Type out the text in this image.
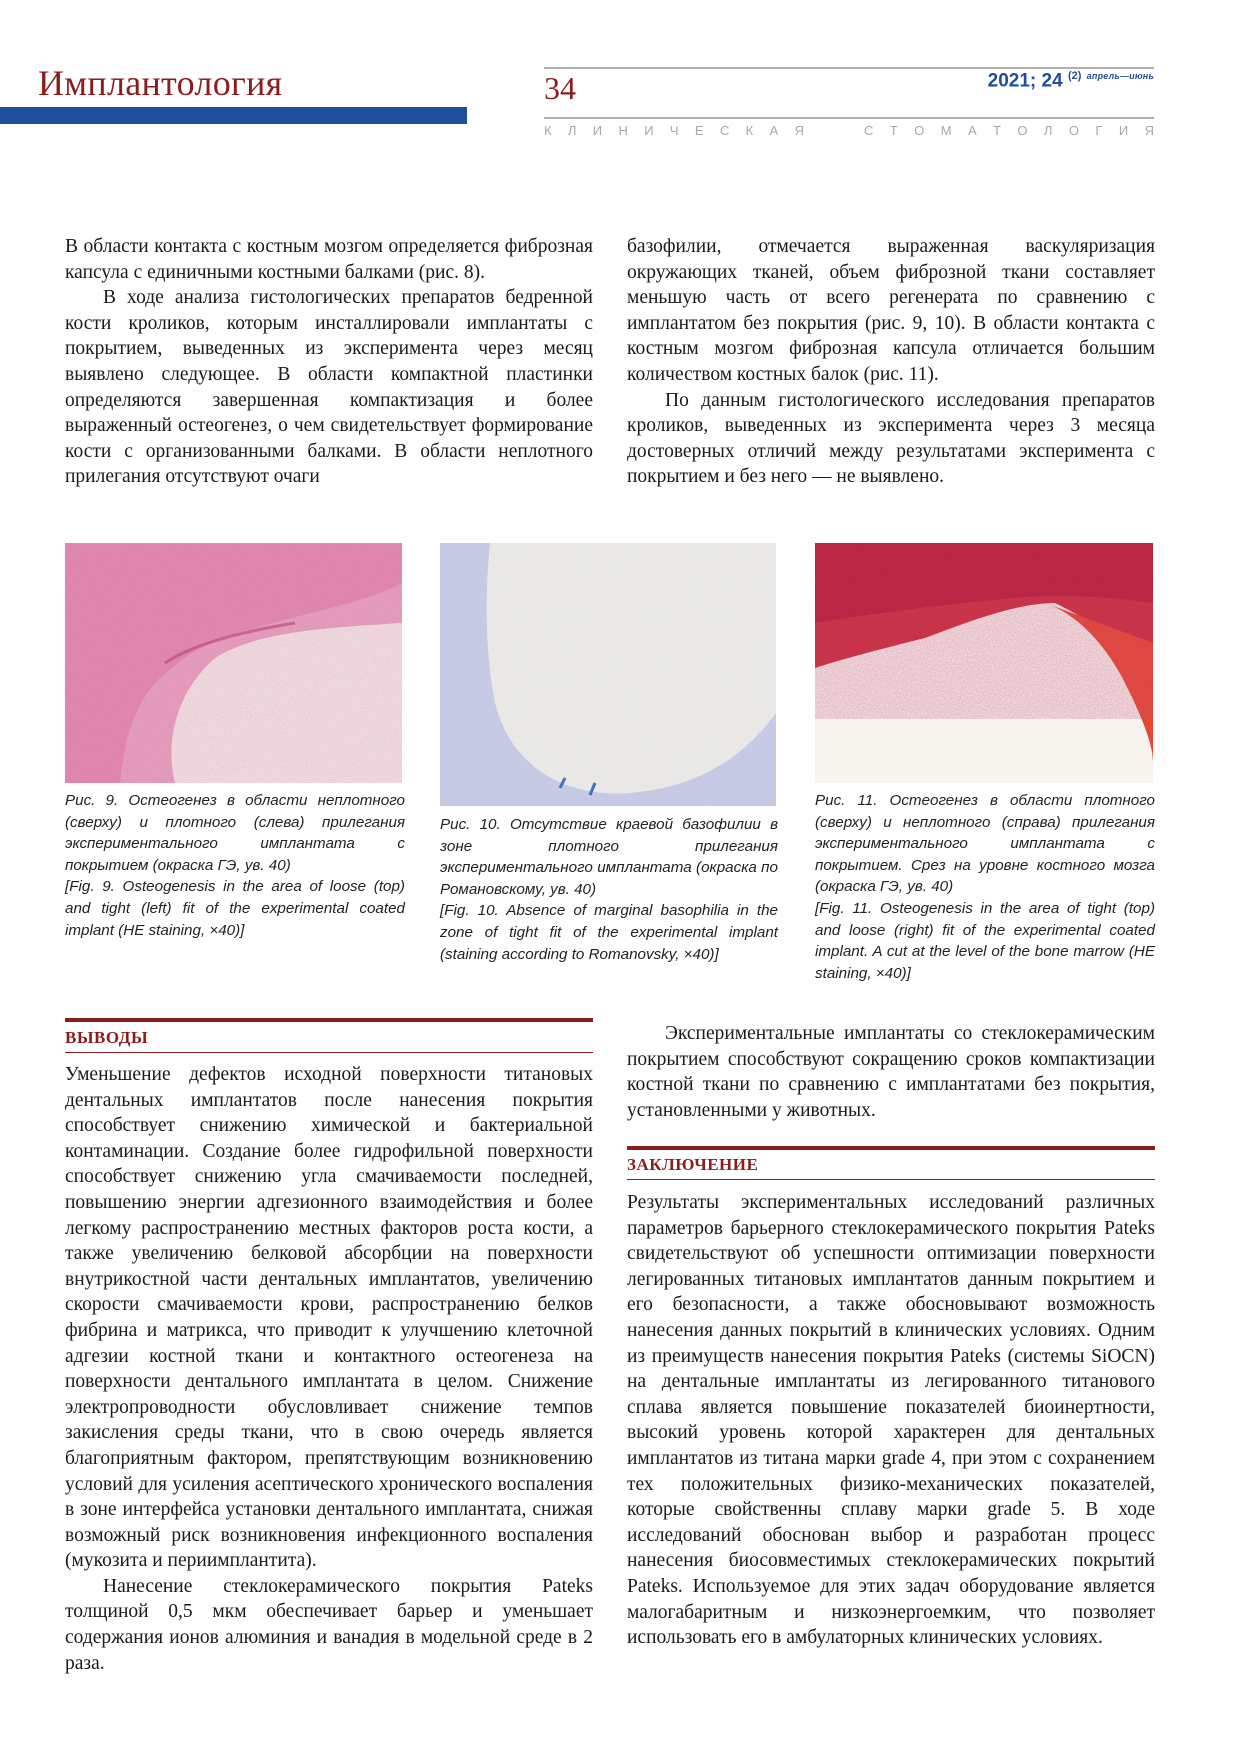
Имплантология	34	2021; 24 $^{(2)}$ $^{апрель—июнь}$
К Л И Н И Ч Е С К А Я	С Т О М А Т О Л О Г И Я

В области контакта с костным мозгом определяется фиброзная капсула с единичными костными балками (рис. 8).

В ходе анализа гистологических препаратов бедренной кости кроликов, которым инсталлировали имплантаты с покрытием, выведенных из эксперимента через месяц выявлено следующее. В области компактной пластинки определяются завершенная компактизация и более выраженный остеогенез, о чем свидетельствует формирование кости с организованными балками. В области неплотного прилегания отсутствуют очаги

базофилии, отмечается выраженная васкуляризация окружающих тканей, объем фиброзной ткани составляет меньшую часть от всего регенерата по сравнению с имплантатом без покрытия (рис. 9, 10). В области контакта с костным мозгом фиброзная капсула отличается большим количеством костных балок (рис. 11).

По данным гистологического исследования препаратов кроликов, выведенных из эксперимента через 3 месяца достоверных отличий между результатами эксперимента с покрытием и без него — не выявлено.

Рис. 9. Остеогенез в области неплотного (сверху) и плотного (слева) прилегания экспериментального имплантата с покрытием (окраска ГЭ, ув. 40)

[Fig. 9. Osteogenesis in the area of loose (top) and tight (left) fit of the experimental coated implant (HE staining, ×40)]

Рис. 10. Отсутствие краевой базофилии в зоне плотного прилегания экспериментального имплантата (окраска по Романовскому, ув. 40)

[Fig. 10. Absence of marginal basophilia in the zone of tight fit of the experimental implant (staining according to Romanovsky, ×40)]

Рис. 11. Остеогенез в области плотного (сверху) и неплотного (справа) прилегания экспериментального имплантата с покрытием. Срез на уровне костного мозга (окраска ГЭ, ув. 40)

[Fig. 11. Osteogenesis in the area of tight (top) and loose (right) fit of the experimental coated implant. A cut at the level of the bone marrow (HE staining, ×40)]

ВЫВОДЫ

Уменьшение дефектов исходной поверхности титановых дентальных имплантатов после нанесения покрытия способствует снижению химической и бактериальной контаминации. Создание более гидрофильной поверхности способствует снижению угла смачиваемости последней, повышению энергии адгезионного взаимодействия и более легкому распространению местных факторов роста кости, а также увеличению белковой абсорбции на поверхности внутрикостной части дентальных имплантатов, увеличению скорости смачиваемости крови, распространению белков фибрина и матрикса, что приводит к улучшению клеточной адгезии костной ткани и контактного остеогенеза на поверхности дентального имплантата в целом. Снижение электропроводности обусловливает снижение темпов закисления среды ткани, что в свою очередь является благоприятным фактором, препятствующим возникновению условий для усиления асептического хронического воспаления в зоне интерфейса установки дентального имплантата, снижая возможный риск возникновения инфекционного воспаления (мукозита и периимплантита).

Нанесение стеклокерамического покрытия Pateks толщиной 0,5 мкм обеспечивает барьер и уменьшает содержания ионов алюминия и ванадия в модельной среде в 2 раза.

Экспериментальные имплантаты со стеклокерамическим покрытием способствуют сокращению сроков компактизации костной ткани по сравнению с имплантатами без покрытия, установленными у животных.

ЗАКЛЮЧЕНИЕ

Результаты экспериментальных исследований различных параметров барьерного стеклокерамического покрытия Pateks свидетельствуют об успешности оптимизации поверхности легированных титановых имплантатов данным покрытием и его безопасности, а также обосновывают возможность нанесения данных покрытий в клинических условиях. Одним из преимуществ нанесения покрытия Pateks (системы SiOCN) на дентальные имплантаты из легированного титанового сплава является повышение показателей биоинертности, высокий уровень которой характерен для дентальных имплантатов из титана марки grade 4, при этом с сохранением тех положительных физико-механических показателей, которые свойственны сплаву марки grade 5. В ходе исследований обоснован выбор и разработан процесс нанесения биосовместимых стеклокерамических покрытий Pateks. Используемое для этих задач оборудование является малогабаритным и низкоэнергоемким, что позволяет использовать его в амбулаторных клинических условиях.
